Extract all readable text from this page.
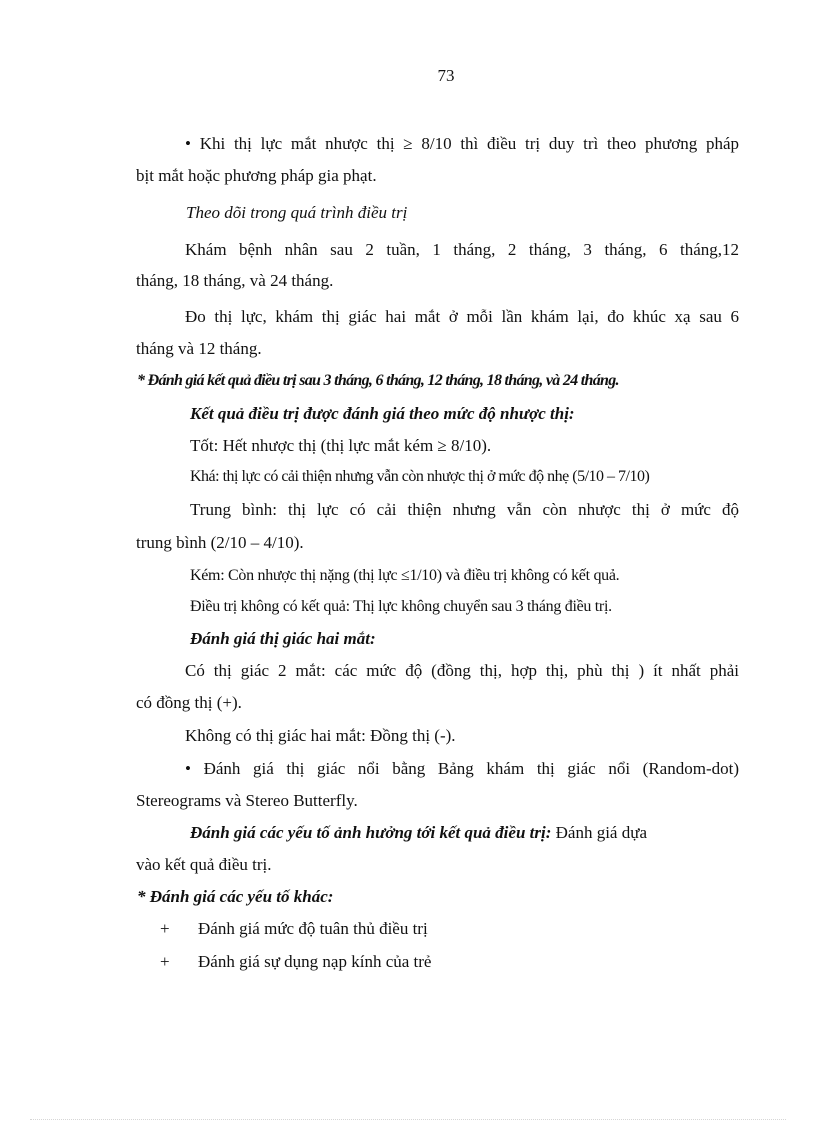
73
• Khi thị lực mắt nhược thị ≥ 8/10 thì điều trị duy trì theo phương pháp
bịt mắt hoặc phương pháp gia phạt.
Theo dõi trong quá trình điều trị
Khám bệnh nhân sau 2 tuần, 1 tháng, 2 tháng, 3 tháng, 6 tháng,12
tháng, 18 tháng, và 24 tháng.
Đo thị lực, khám thị giác hai mắt ở mỗi lần khám lại, đo khúc xạ sau 6
tháng và 12 tháng.
* Đánh giá kết quả điều trị sau 3 tháng, 6 tháng, 12 tháng, 18 tháng, và 24 tháng.
Kết quả điều trị được đánh giá theo mức độ nhược thị:
Tốt: Hết nhược thị (thị lực mắt kém ≥ 8/10).
Khá: thị lực có cải thiện nhưng vẫn còn nhược thị ở mức độ nhẹ (5/10 – 7/10)
Trung bình: thị lực có cải thiện nhưng vẫn còn nhược thị ở mức độ
trung bình (2/10 – 4/10).
Kém: Còn nhược thị nặng (thị lực ≤1/10) và điều trị không có kết quả.
Điều trị không có kết quả: Thị lực không chuyển sau 3 tháng điều trị.
Đánh giá thị giác hai mắt:
Có thị giác 2 mắt: các mức độ (đồng thị, hợp thị, phù thị ) ít nhất phải
có đồng thị (+).
Không có thị giác hai mắt: Đồng thị (-).
• Đánh giá thị giác nổi bằng Bảng khám thị giác nổi (Random-dot)
Stereograms và Stereo Butterfly.
Đánh giá các yếu tố ảnh hưởng tới kết quả điều trị: Đánh giá dựa
vào kết quả điều trị.
* Đánh giá các yếu tố khác:
+ Đánh giá mức độ tuân thủ điều trị
+ Đánh giá sự dụng nạp kính của trẻ
